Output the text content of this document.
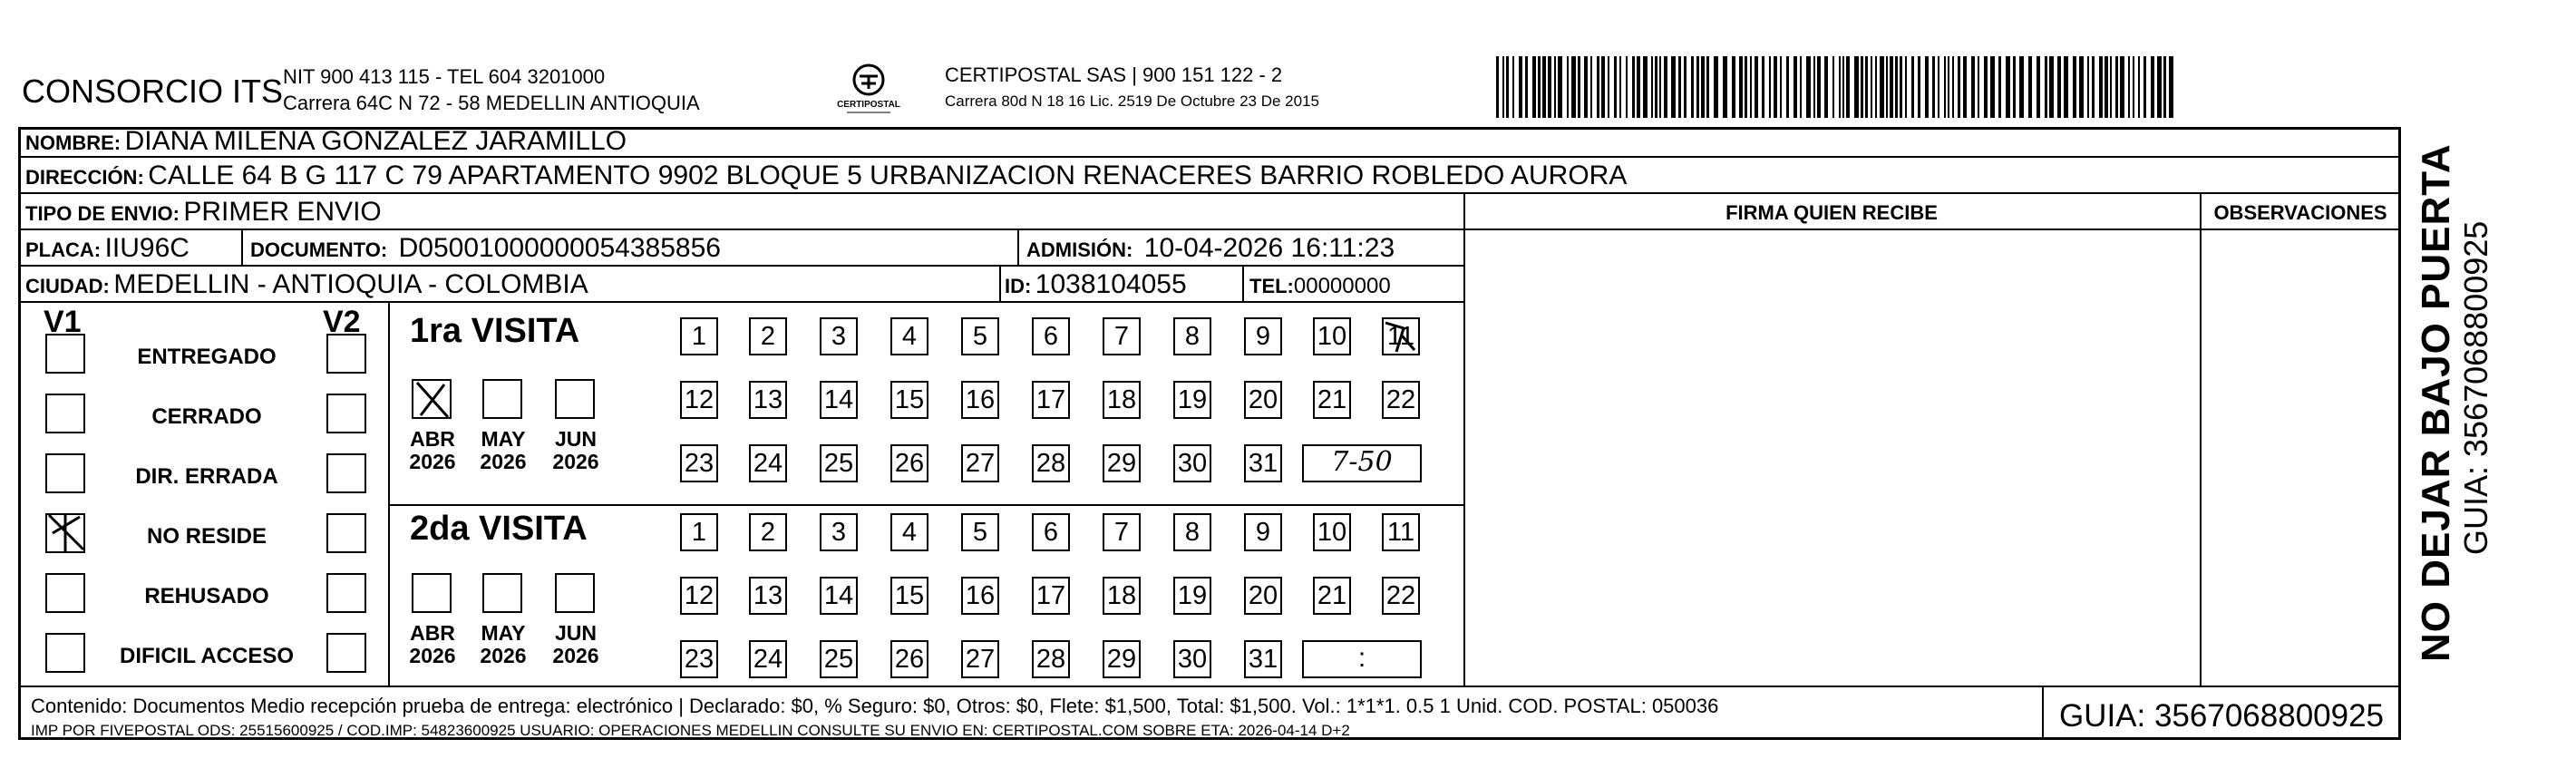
CONSORCIO ITS NIT 900 413 115 - TEL 604 3201000
Carrera 64C N 72 - 58 MEDELLIN ANTIOQUIA	CERTIPOSTAL
CERTIPOSTAL SAS | 900 151 122 - 2
Carrera 80d N 18 16 Lic. 2519 De Octubre 23 De 2015
NOMBRE: DIANA MILENA GONZALEZ JARAMILLO
DIRECCIÓN: CALLE 64 B G 117 C 79 APARTAMENTO 9902 BLOQUE 5 URBANIZACION RENACERES BARRIO ROBLEDO AURORA
TIPO DE ENVIO: PRIMER ENVIO	FIRMA QUIEN RECIBE	OBSERVACIONES
PLACA: IIU96C	DOCUMENTO: D05001000000054385856	ADMISIÓN: 10-04-2026 16:11:23
CIUDAD: MEDELLIN - ANTIOQUIA - COLOMBIA	ID: 1038104055	TEL:00000000
V1	V2
ENTREGADO
CERRADO
DIR. ERRADA
NO RESIDE
REHUSADO
DIFICIL ACCESO
1ra VISITA
2da VISITA
ABR
2026
MAY
2026
JUN
2026
ABR
2026
MAY
2026
JUN
2026
1	2	3	4	5	6	7	8	9	10 11
12 13 14 15 16 17 18 19 20 21 22
23 24 25 26 27 28 29 30 31	7-50
1	2	3	4	5	6	7	8	9	10 11
12 13 14 15 16 17 18 19 20 21 22
23 24 25 26 27 28 29 30 31	:
Contenido: Documentos Medio recepción prueba de entrega: electrónico | Declarado: $0, % Seguro: $0, Otros: $0, Flete: $1,500, Total: $1,500. Vol.: 1*1*1. 0.5 1 Unid. COD. POSTAL: 050036
IMP POR FIVEPOSTAL ODS: 25515600925 / COD.IMP: 54823600925 USUARIO: OPERACIONES MEDELLIN CONSULTE SU ENVIO EN: CERTIPOSTAL.COM SOBRE ETA: 2026-04-14 D+2	GUIA: 3567068800925
NO DEJAR BAJO PUERTA GUIA: 3567068800925
